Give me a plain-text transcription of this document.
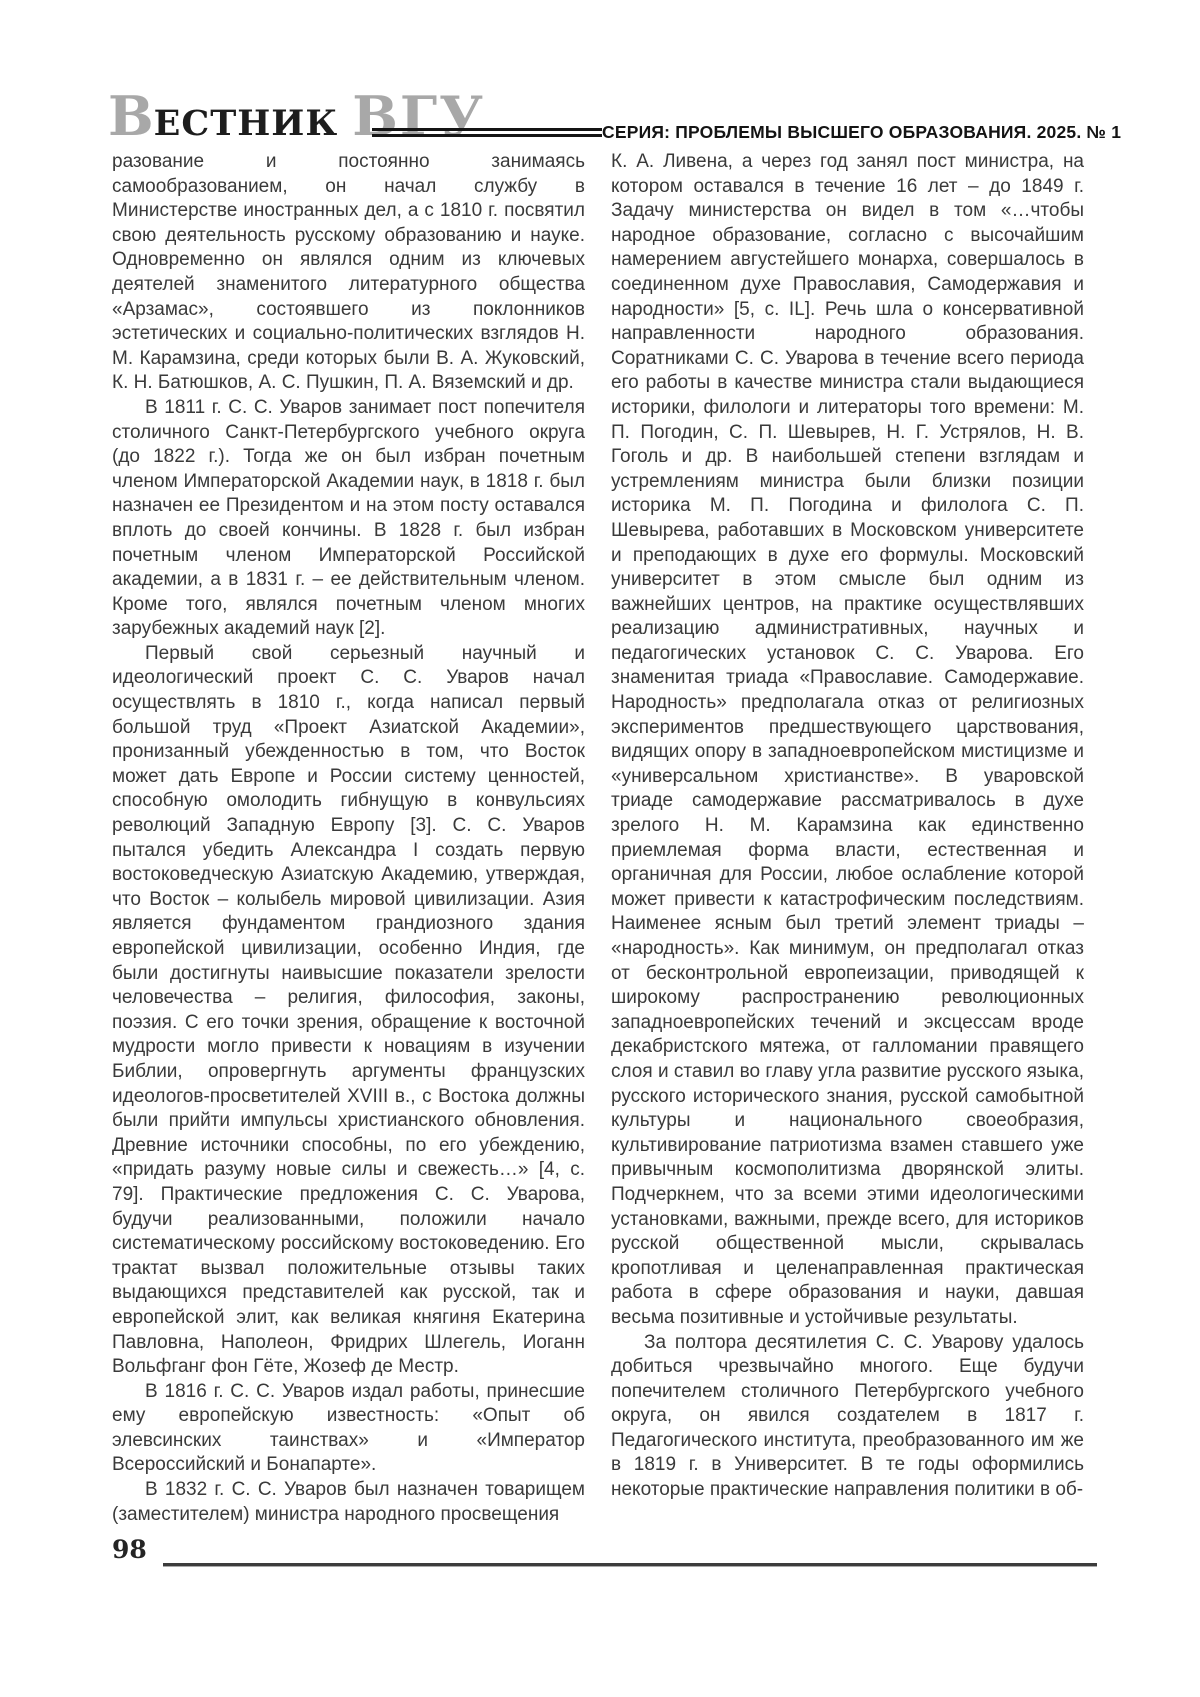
ВЕСТНИК ВГУ	СЕРИЯ: ПРОБЛЕМЫ ВЫСШЕГО ОБРАЗОВАНИЯ. 2025. № 1

разование и постоянно занимаясь самообразованием, он начал службу в Министерстве иностранных дел, а с 1810 г. посвятил свою деятельность русскому образованию и науке. Одновременно он являлся одним из ключевых деятелей знаменитого литературного общества «Арзамас», состоявшего из поклонников эстетических и социально-политических взглядов Н. М. Карамзина, среди которых были В. А. Жуковский, К. Н. Батюшков, А. С. Пушкин, П. А. Вяземский и др.

В 1811 г. С. С. Уваров занимает пост попечителя столичного Санкт-Петербургского учебного округа (до 1822 г.). Тогда же он был избран почетным членом Императорской Академии наук, в 1818 г. был назначен ее Президентом и на этом посту оставался вплоть до своей кончины. В 1828 г. был избран почетным членом Императорской Российской академии, а в 1831 г. – ее действительным членом. Кроме того, являлся почетным членом многих зарубежных академий наук [2].

Первый свой серьезный научный и идеологический проект С. С. Уваров начал осуществлять в 1810 г., когда написал первый большой труд «Проект Азиатской Академии», пронизанный убежденностью в том, что Восток может дать Европе и России систему ценностей, способную омолодить гибнущую в конвульсиях революций Западную Европу [3]. С. С. Уваров пытался убедить Александра I создать первую востоковедческую Азиатскую Академию, утверждая, что Восток – колыбель мировой цивилизации. Азия является фундаментом грандиозного здания европейской цивилизации, особенно Индия, где были достигнуты наивысшие показатели зрелости человечества – религия, философия, законы, поэзия. С его точки зрения, обращение к восточной мудрости могло привести к новациям в изучении Библии, опровергнуть аргументы французских идеологов-просветителей XVIII в., с Востока должны были прийти импульсы христианского обновления. Древние источники способны, по его убеждению, «придать разуму новые силы и свежесть…» [4, с. 79]. Практические предложения С. С. Уварова, будучи реализованными, положили начало систематическому российскому востоковедению. Его трактат вызвал положительные отзывы таких выдающихся представителей как русской, так и европейской элит, как великая княгиня Екатерина Павловна, Наполеон, Фридрих Шлегель, Иоганн Вольфганг фон Гёте, Жозеф де Местр.

В 1816 г. С. С. Уваров издал работы, принесшие ему европейскую известность: «Опыт об элевсинских таинствах» и «Император Всероссийский и Бонапарте».

В 1832 г. С. С. Уваров был назначен товарищем (заместителем) министра народного просвещения

К. А. Ливена, а через год занял пост министра, на котором оставался в течение 16 лет – до 1849 г. Задачу министерства он видел в том «…чтобы народное образование, согласно с высочайшим намерением августейшего монарха, совершалось в соединенном духе Православия, Самодержавия и народности» [5, с. IL]. Речь шла о консервативной направленности народного образования. Соратниками С. С. Уварова в течение всего периода его работы в качестве министра стали выдающиеся историки, филологи и литераторы того времени: М. П. Погодин, С. П. Шевырев, Н. Г. Устрялов, Н. В. Гоголь и др. В наибольшей степени взглядам и устремлениям министра были близки позиции историка М. П. Погодина и филолога С. П. Шевырева, работавших в Московском университете и преподающих в духе его формулы. Московский университет в этом смысле был одним из важнейших центров, на практике осуществлявших реализацию административных, научных и педагогических установок С. С. Уварова. Его знаменитая триада «Православие. Самодержавие. Народность» предполагала отказ от религиозных экспериментов предшествующего царствования, видящих опору в западноевропейском мистицизме и «универсальном христианстве». В уваровской триаде самодержавие рассматривалось в духе зрелого Н. М. Карамзина как единственно приемлемая форма власти, естественная и органичная для России, любое ослабление которой может привести к катастрофическим последствиям. Наименее ясным был третий элемент триады – «народность». Как минимум, он предполагал отказ от бесконтрольной европеизации, приводящей к широкому распространению революционных западноевропейских течений и эксцессам вроде декабристского мятежа, от галломании правящего слоя и ставил во главу угла развитие русского языка, русского исторического знания, русской самобытной культуры и национального своеобразия, культивирование патриотизма взамен ставшего уже привычным космополитизма дворянской элиты. Подчеркнем, что за всеми этими идеологическими установками, важными, прежде всего, для историков русской общественной мысли, скрывалась кропотливая и целенаправленная практическая работа в сфере образования и науки, давшая весьма позитивные и устойчивые результаты.

За полтора десятилетия С. С. Уварову удалось добиться чрезвычайно многого. Еще будучи попечителем столичного Петербургского учебного округа, он явился создателем в 1817 г. Педагогического института, преобразованного им же в 1819 г. в Университет. В те годы оформились некоторые практические направления политики в об-

98
